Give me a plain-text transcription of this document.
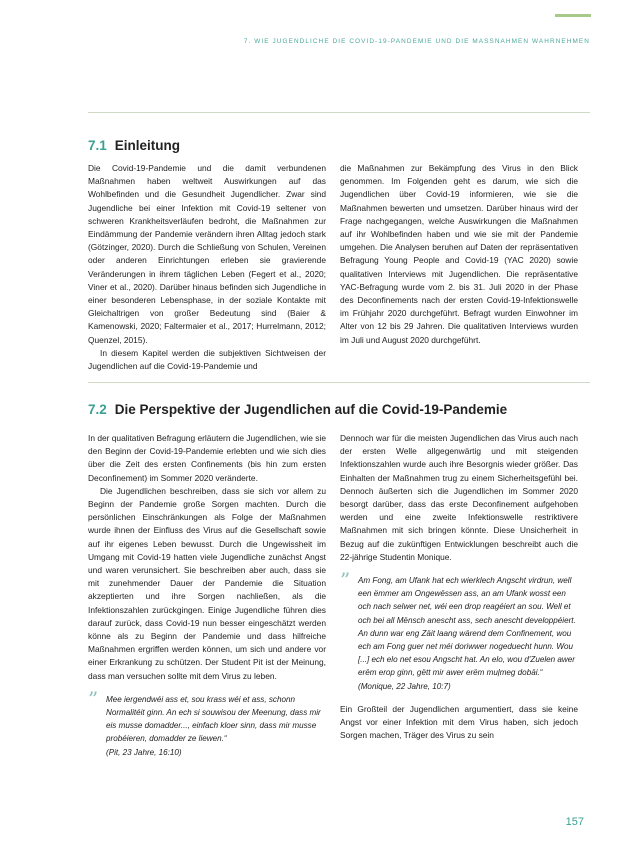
7. WIE JUGENDLICHE DIE COVID-19-PANDEMIE UND DIE MASSNAHMEN WAHRNEHMEN
7.1 Einleitung

Die Covid-19-Pandemie und die damit verbundenen Maßnahmen haben weltweit Auswirkungen auf das Wohlbefinden und die Gesundheit Jugendlicher. Zwar sind Jugendliche bei einer Infektion mit Covid-19 seltener von schweren Krankheitsverläufen bedroht, die Maßnahmen zur Eindämmung der Pandemie verändern ihren Alltag jedoch stark (Götzinger, 2020). Durch die Schließung von Schulen, Vereinen oder anderen Einrichtungen erleben sie gravierende Veränderungen in ihrem täglichen Leben (Fegert et al., 2020; Viner et al., 2020). Darüber hinaus befinden sich Jugendliche in einer besonderen Lebensphase, in der soziale Kontakte mit Gleichaltrigen von großer Bedeutung sind (Baier & Kamenowski, 2020; Faltermaier et al., 2017; Hurrelmann, 2012; Quenzel, 2015).

In diesem Kapitel werden die subjektiven Sichtweisen der Jugendlichen auf die Covid-19-Pandemie und

die Maßnahmen zur Bekämpfung des Virus in den Blick genommen. Im Folgenden geht es darum, wie sich die Jugendlichen über Covid-19 informieren, wie sie die Maßnahmen bewerten und umsetzen. Darüber hinaus wird der Frage nachgegangen, welche Auswirkungen die Maßnahmen auf ihr Wohlbefinden haben und wie sie mit der Pandemie umgehen. Die Analysen beruhen auf Daten der repräsentativen Befragung Young People and Covid-19 (YAC 2020) sowie qualitativen Interviews mit Jugendlichen. Die repräsentative YAC-Befragung wurde vom 2. bis 31. Juli 2020 in der Phase des Deconfinements nach der ersten Covid-19-Infektionswelle im Frühjahr 2020 durchgeführt. Befragt wurden Einwohner im Alter von 12 bis 29 Jahren. Die qualitativen Interviews wurden im Juli und August 2020 durchgeführt.

7.2 Die Perspektive der Jugendlichen auf die Covid-19-Pandemie

In der qualitativen Befragung erläutern die Jugendlichen, wie sie den Beginn der Covid-19-Pandemie erlebten und wie sich dies über die Zeit des ersten Confinements (bis hin zum ersten Deconfinement) im Sommer 2020 veränderte.

Die Jugendlichen beschreiben, dass sie sich vor allem zu Beginn der Pandemie große Sorgen machten. Durch die persönlichen Einschränkungen als Folge der Maßnahmen wurde ihnen der Einfluss des Virus auf die Gesellschaft sowie auf ihr eigenes Leben bewusst. Durch die Ungewissheit im Umgang mit Covid-19 hatten viele Jugendliche zunächst Angst und waren verunsichert. Sie beschreiben aber auch, dass sie mit zunehmender Dauer der Pandemie die Situation akzeptierten und ihre Sorgen nachließen, als die Infektionszahlen zurückgingen. Einige Jugendliche führen dies darauf zurück, dass Covid-19 nun besser eingeschätzt werden könne als zu Beginn der Pandemie und dass hilfreiche Maßnahmen ergriffen werden können, um sich und andere vor einer Erkrankung zu schützen. Der Student Pit ist der Meinung, dass man versuchen sollte mit dem Virus zu leben.

” Mee iergendwéi ass et, sou krass wéi et ass, schonn Normalitéit ginn. An ech si souwisou der Meenung, dass mir eis musse domadder..., einfach kloer sinn, dass mir musse probéieren, domadder ze liewen.“
(Pit, 23 Jahre, 16:10)

Dennoch war für die meisten Jugendlichen das Virus auch nach der ersten Welle allgegenwärtig und mit steigenden Infektionszahlen wurde auch ihre Besorgnis wieder größer. Das Einhalten der Maßnahmen trug zu einem Sicherheitsgefühl bei. Dennoch äußerten sich die Jugendlichen im Sommer 2020 besorgt darüber, dass das erste Deconfinement aufgehoben werden und eine zweite Infektionswelle restriktivere Maßnahmen mit sich bringen könnte. Diese Unsicherheit in Bezug auf die zukünftigen Entwicklungen beschreibt auch die 22-jährige Studentin Monique.

” Am Fong, am Ufank hat ech wierklech Angscht virdrun, well een ëmmer am Ongewëssen ass, an am Ufank wosst een och nach selwer net, wéi een drop reagéiert an sou. Well et och bei all Mënsch anescht ass, sech anescht developpéiert. An dunn war eng Zäit laang wärend dem Confinement, wou ech am Fong guer net méi doriwwer nogeduecht hunn. Wou [...] ech elo net esou Angscht hat. An elo, wou d'Zuelen awer erëm erop ginn, gëtt mir awer erëm muļmeg dobäi.“
(Monique, 22 Jahre, 10:7)

Ein Großteil der Jugendlichen argumentiert, dass sie keine Angst vor einer Infektion mit dem Virus haben, sich jedoch Sorgen machen, Träger des Virus zu sein

157
